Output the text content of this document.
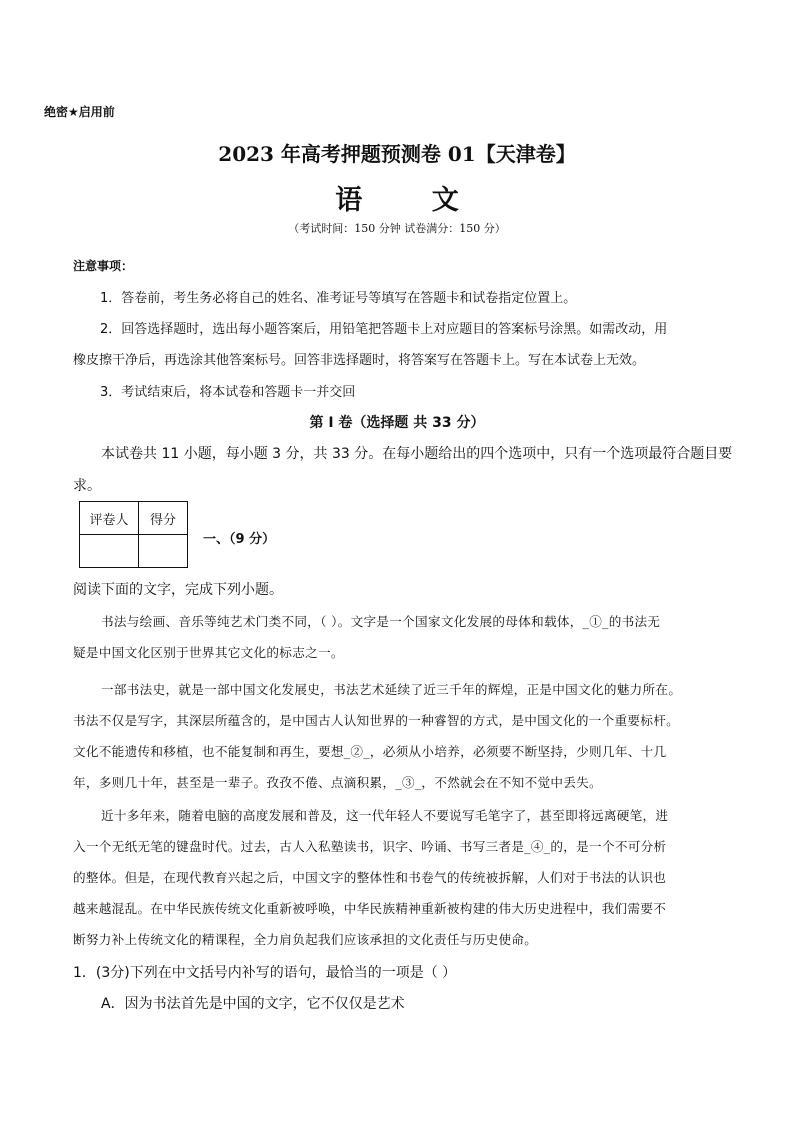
绝密★启用前
2023 年高考押题预测卷 01【天津卷】
语 文
（考试时间：150 分钟 试卷满分：150 分）
注意事项：
1．答卷前，考生务必将自己的姓名、准考证号等填写在答题卡和试卷指定位置上。
2．回答选择题时，选出每小题答案后，用铅笔把答题卡上对应题目的答案标号涂黑。如需改动，用
橡皮擦干净后，再选涂其他答案标号。回答非选择题时，将答案写在答题卡上。写在本试卷上无效。
3．考试结束后，将本试卷和答题卡一并交回
第 I 卷（选择题 共 33 分）
本试卷共 11 小题，每小题 3 分，共 33 分。在每小题给出的四个选项中，只有一个选项最符合题目要
求。
评卷人	得分

一、（9 分）
阅读下面的文字，完成下列小题。
书法与绘画、音乐等纯艺术门类不同，（ ）。文字是一个国家文化发展的母体和载体，_①_的书法无
疑是中国文化区别于世界其它文化的标志之一。
一部书法史，就是一部中国文化发展史，书法艺术延续了近三千年的辉煌，正是中国文化的魅力所在。
书法不仅是写字，其深层所蕴含的，是中国古人认知世界的一种睿智的方式，是中国文化的一个重要标杆。
文化不能遗传和移植，也不能复制和再生，要想_②_，必须从小培养，必须要不断坚持，少则几年、十几
年，多则几十年，甚至是一辈子。孜孜不倦、点滴积累，_③_，不然就会在不知不觉中丢失。
近十多年来，随着电脑的高度发展和普及，这一代年轻人不要说写毛笔字了，甚至即将远离硬笔，进
入一个无纸无笔的键盘时代。过去，古人入私塾读书，识字、吟诵、书写三者是_④_的，是一个不可分析
的整体。但是，在现代教育兴起之后，中国文字的整体性和书卷气的传统被拆解，人们对于书法的认识也
越来越混乱。在中华民族传统文化重新被呼唤，中华民族精神重新被构建的伟大历史进程中，我们需要不
断努力补上传统文化的精课程，全力肩负起我们应该承担的文化责任与历史使命。
1．(3分)下列在中文括号内补写的语句，最恰当的一项是（ ）
A．因为书法首先是中国的文字，它不仅仅是艺术
